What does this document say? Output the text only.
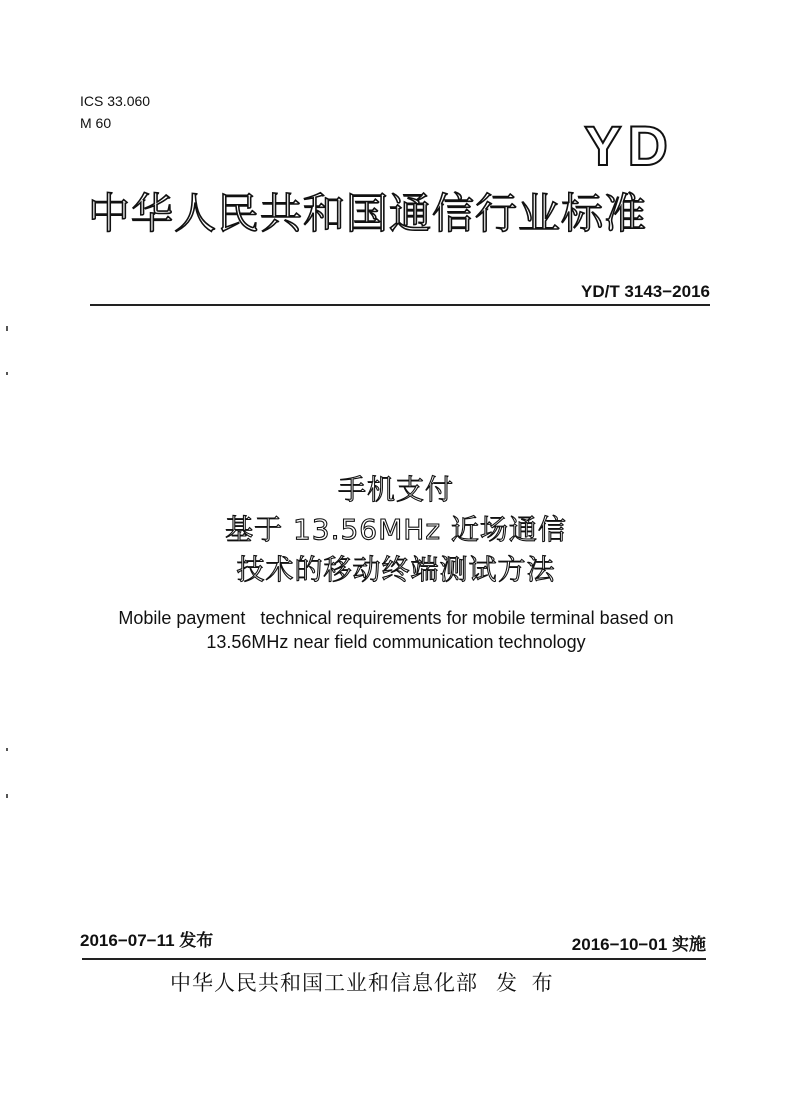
ICS 33.060
M 60	YD
中华人民共和国通信行业标准
YD/T 3143−2016
手机支付
基于 13.56MHz 近场通信
技术的移动终端测试方法
Mobile payment   technical requirements for mobile terminal based on
13.56MHz near field communication technology
2016−07−11 发布	2016−10−01 实施
中华人民共和国工业和信息化部 发 布
